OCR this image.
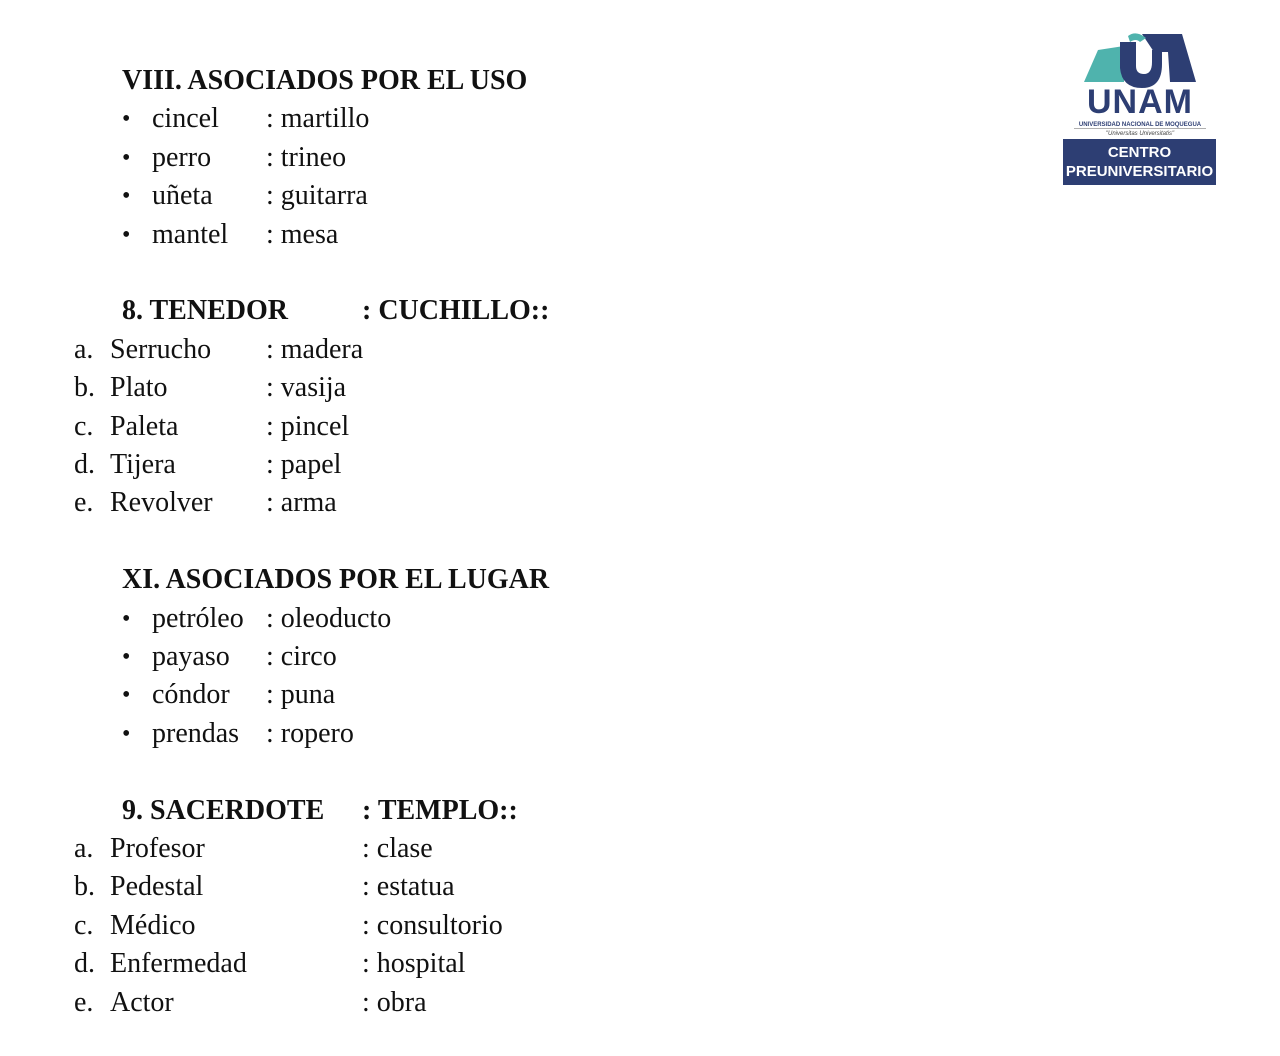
VIII. ASOCIADOS POR EL USO
• cincel : martillo
• perro : trineo
• uñeta : guitarra
• mantel : mesa
8. TENEDOR	: CUCHILLO::
a. Serrucho : madera
b. Plato	: vasija
c. Paleta	: pincel
d. Tijera	: papel
e. Revolver : arma
XI. ASOCIADOS POR EL LUGAR
• petróleo : oleoducto
• payaso : circo
• cóndor : puna
• prendas : ropero
9. SACERDOTE : TEMPLO::
a. Profesor	: clase
b. Pedestal	: estatua
c. Médico	: consultorio
d. Enfermedad	: hospital
e. Actor	: obra
UNAM
UNIVERSIDAD NACIONAL DE MOQUEGUA
"Universitas Universitatis"
CENTRO
PREUNIVERSITARIO
